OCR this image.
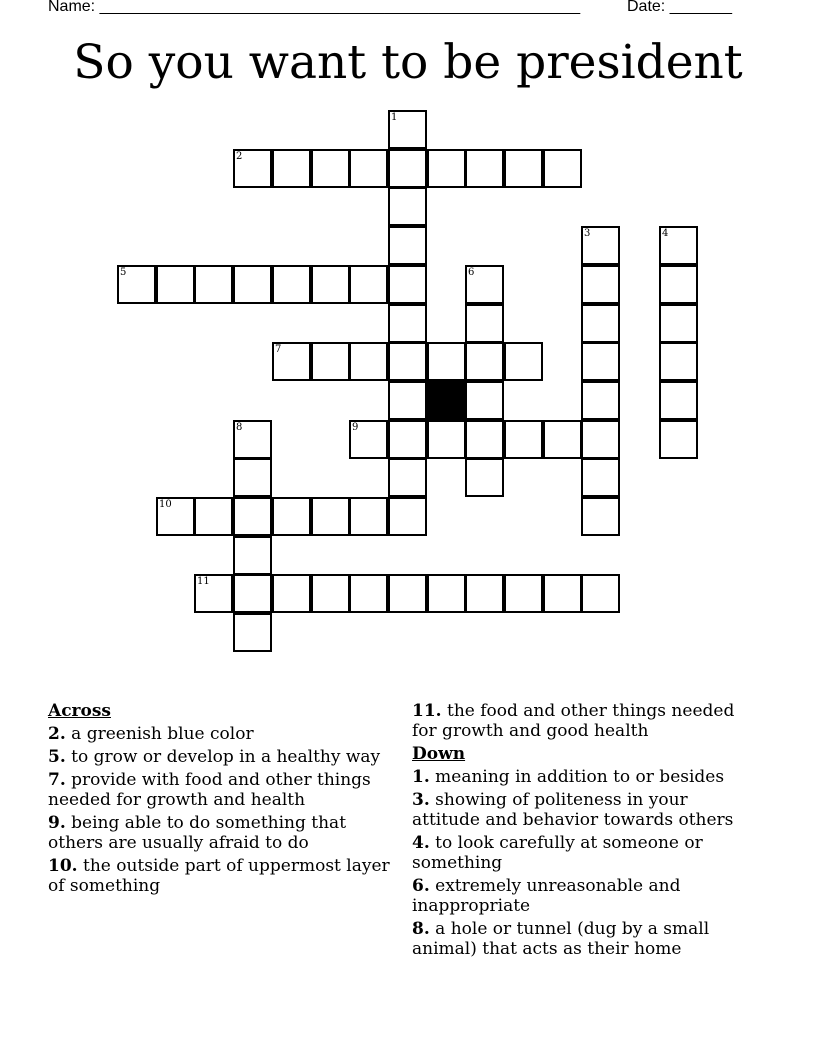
Name: ______________________________________________________	Date: _______
So you want to be president
1
2
3	4
5	6
7
8	9
10
11
Across
2. a greenish blue color
5. to grow or develop in a healthy way
7. provide with food and other things needed for growth and health
9. being able to do something that others are usually afraid to do
10. the outside part of uppermost layer of something
11. the food and other things needed for growth and good health
Down
1. meaning in addition to or besides
3. showing of politeness in your attitude and behavior towards others
4. to look carefully at someone or something
6. extremely unreasonable and inappropriate
8. a hole or tunnel (dug by a small animal) that acts as their home
